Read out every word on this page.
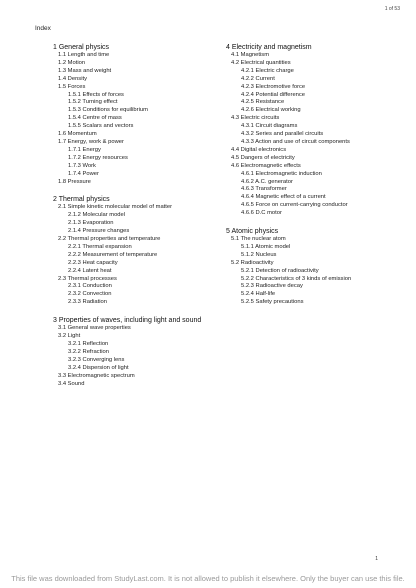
1 of 53
Index
1 General physics
1.1 Length and time
1.2 Motion
1.3 Mass and weight
1.4 Density
1.5 Forces
1.5.1 Effects of forces
1.5.2 Turning effect
1.5.3 Conditions for equilibrium
1.5.4 Centre of mass
1.5.5 Scalars and vectors
1.6 Momentum
1.7 Energy, work & power
1.7.1 Energy
1.7.2 Energy resources
1.7.3 Work
1.7.4 Power
1.8 Pressure
2 Thermal physics
2.1 Simple kinetic molecular model of matter
2.1.2 Molecular model
2.1.3 Evaporation
2.1.4 Pressure changes
2.2 Thermal properties and temperature
2.2.1 Thermal expansion
2.2.2 Measurement of temperature
2.2.3 Heat capacity
2.2.4 Latent heat
2.3 Thermal processes
2.3.1 Conduction
2.3.2 Convection
2.3.3 Radiation
3 Properties of waves, including light and sound
3.1 General wave properties
3.2 Light
3.2.1 Reflection
3.2.2 Refraction
3.2.3 Converging lens
3.2.4 Dispersion of light
3.3 Electromagnetic spectrum
3.4 Sound
4 Electricity and magnetism
4.1 Magnetism
4.2 Electrical quantities
4.2.1 Electric charge
4.2.2 Current
4.2.3 Electromotive force
4.2.4 Potential difference
4.2.5 Resistance
4.2.6 Electrical working
4.3 Electric circuits
4.3.1 Circuit diagrams
4.3.2 Series and parallel circuits
4.3.3 Action and use of circuit components
4.4 Digital electronics
4.5 Dangers of electricity
4.6 Electromagnetic effects
4.6.1 Electromagnetic induction
4.6.2 A.C. generator
4.6.3 Transformer
4.6.4 Magnetic effect of a current
4.6.5 Force on current-carrying conductor
4.6.6 D.C motor
5 Atomic physics
5.1 The nuclear atom
5.1.1 Atomic model
5.1.2 Nucleus
5.2 Radioactivity
5.2.1 Detection of radioactivity
5.2.2 Characteristics of 3 kinds of emission
5.2.3 Radioactive decay
5.2.4 Half-life
5.2.5 Safety precautions
1
This file was downloaded from StudyLast.com. It is not allowed to publish it elsewhere. Only the buyer can use this file.
